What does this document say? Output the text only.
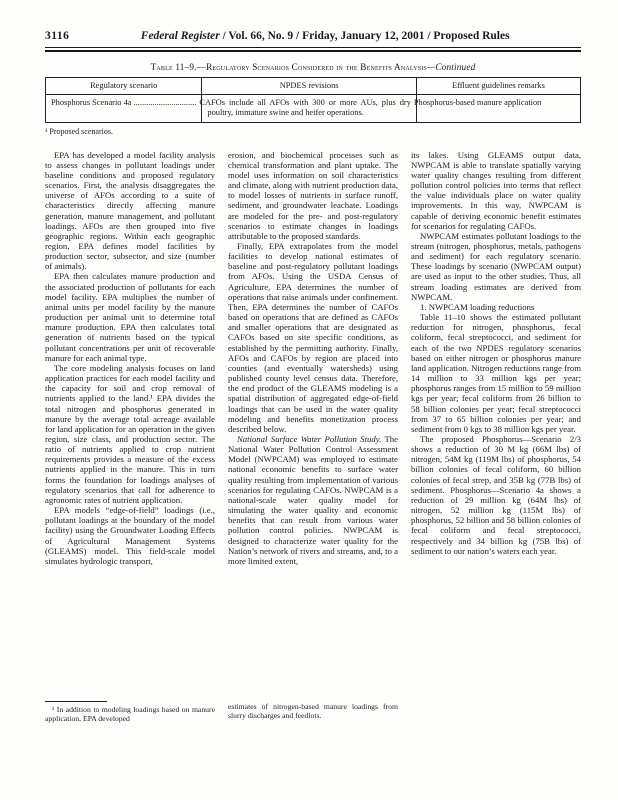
3116	Federal Register / Vol. 66, No. 9 / Friday, January 12, 2001 / Proposed Rules
Table 11–9.—Regulatory Scenarios Considered in the Benefits Analysis—Continued
Regulatory scenario	NPDES revisions	Effluent guidelines remarks
Phosphorus Scenario 4a ..............................	CAFOs include all AFOs with 300 or more AUs, plus dry poultry, immature swine and heifer operations.	Phosphorus-based manure application
¹ Proposed scenarios.

EPA has developed a model facility analysis to assess changes in pollutant loadings under baseline conditions and proposed regulatory scenarios. First, the analysis disaggregates the universe of AFOs according to a suite of characteristics directly affecting manure generation, manure management, and pollutant loadings. AFOs are then grouped into five geographic regions. Within each geographic region, EPA defines model facilities by production sector, subsector, and size (number of animals).

EPA then calculates manure production and the associated production of pollutants for each model facility. EPA multiplies the number of animal units per model facility by the manure production per animal unit to determine total manure production. EPA then calculates total generation of nutrients based on the typical pollutant concentrations per unit of recoverable manure for each animal type.

The core modeling analysis focuses on land application practices for each model facility and the capacity for soil and crop removal of nutrients applied to the land.¹ EPA divides the total nitrogen and phosphorus generated in manure by the average total acreage available for land application for an operation in the given region, size class, and production sector. The ratio of nutrients applied to crop nutrient requirements provides a measure of the excess nutrients applied in the manure. This in turn forms the foundation for loadings analyses of regulatory scenarios that call for adherence to agronomic rates of nutrient application.

EPA models “edge-of-field” loadings (i.e., pollutant loadings at the boundary of the model facility) using the Groundwater Loading Effects of Agricultural Management Systems (GLEAMS) model. This field-scale model simulates hydrologic transport,

erosion, and biochemical processes such as chemical transformation and plant uptake. The model uses information on soil characteristics and climate, along with nutrient production data, to model losses of nutrients in surface runoff, sediment, and groundwater leachate. Loadings are modeled for the pre- and post-regulatory scenarios to estimate changes in loadings attributable to the proposed standards.

Finally, EPA extrapolates from the model facilities to develop national estimates of baseline and post-regulatory pollutant loadings from AFOs. Using the USDA Census of Agriculture, EPA determines the number of operations that raise animals under confinement. Then, EPA determines the number of CAFOs based on operations that are defined as CAFOs and smaller operations that are designated as CAFOs based on site specific conditions, as established by the permitting authority. Finally, AFOs and CAFOs by region are placed into counties (and eventually watersheds) using published county level census data. Therefore, the end product of the GLEAMS modeling is a spatial distribution of aggregated edge-of-field loadings that can be used in the water quality modeling and benefits monetization process described below.

National Surface Water Pollution Study. The National Water Pollution Control Assessment Model (NWPCAM) was employed to estimate national economic benefits to surface water quality resulting from implementation of various scenarios for regulating CAFOs. NWPCAM is a national-scale water quality model for simulating the water quality and economic benefits that can result from various water pollution control policies. NWPCAM is designed to characterize water quality for the Nation’s network of rivers and streams, and, to a more limited extent,

its lakes. Using GLEAMS output data, NWPCAM is able to translate spatially varying water quality changes resulting from different pollution control policies into terms that reflect the value individuals place on water quality improvements. In this way, NWPCAM is capable of deriving economic benefit estimates for scenarios for regulating CAFOs.

NWPCAM estimates pollutant loadings to the stream (nitrogen, phosphorus, metals, pathogens and sediment) for each regulatory scenario. These loadings by scenario (NWPCAM output) are used as input to the other studies. Thus, all stream loading estimates are derived from NWPCAM.

1. NWPCAM loading reductions

Table 11–10 shows the estimated pollutant reduction for nitrogen, phosphorus, fecal coliform, fecal streptococci, and sediment for each of the two NPDES regulatory scenarios based on either nitrogen or phosphorus manure land application. Nitrogen reductions range from 14 million to 33 million kgs per year; phosphorus ranges from 15 million to 59 million kgs per year; fecal coliform from 26 billion to 58 billion colonies per year; fecal streptococci from 37 to 65 billion colonies per year; and sediment from 0 kgs to 38 million kgs per year.

The proposed Phosphorus—Scenario 2/3 shows a reduction of 30 M kg (66M lbs) of nitrogen, 54M kg (119M lbs) of phosphorus, 54 billion colonies of fecal coliform, 60 billion colonies of fecal strep, and 35B kg (77B lbs) of sediment. Phosphorus—Scenario 4a shows a reduction of 29 million kg (64M lbs) of nitrogen, 52 million kg (115M lbs) of phosphorus, 52 billion and 58 billion colonies of fecal coliform and fecal streptococci, respectively and 34 billion kg (75B lbs) of sediment to our nation’s waters each year.

¹ In addition to modeling loadings based on manure application, EPA developed
estimates of nitrogen-based manure loadings from slurry discharges and feedlots.
